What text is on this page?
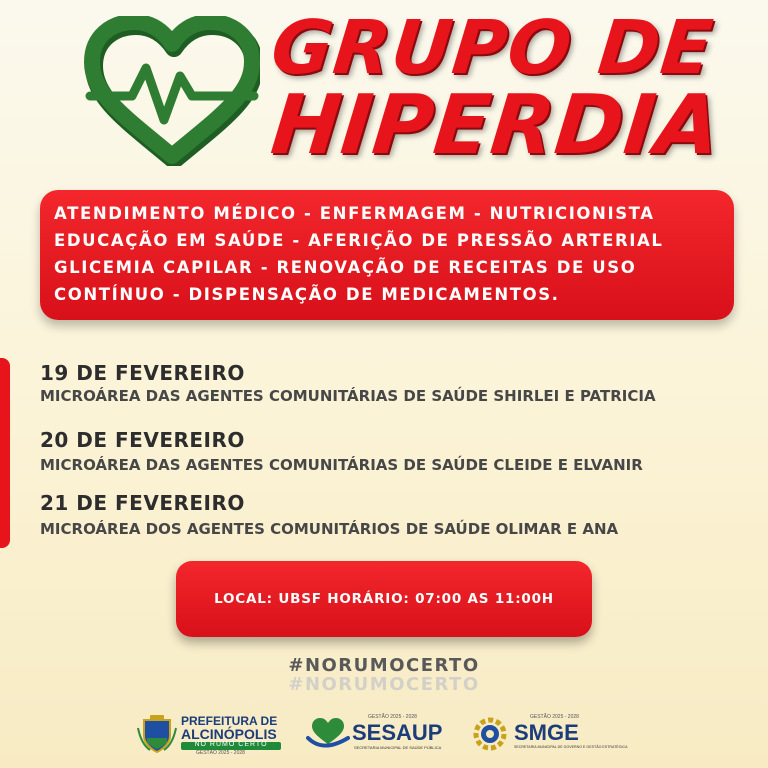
GRUPO DE
HIPERDIA
ATENDIMENTO MÉDICO - ENFERMAGEM - NUTRICIONISTA
EDUCAÇÃO EM SAÚDE - AFERIÇÃO DE PRESSÃO ARTERIAL
GLICEMIA CAPILAR - RENOVAÇÃO DE RECEITAS DE USO
CONTÍNUO - DISPENSAÇÃO DE MEDICAMENTOS.
19 DE FEVEREIRO
MICROÁREA DAS AGENTES COMUNITÁRIAS DE SAÚDE SHIRLEI E PATRICIA
20 DE FEVEREIRO
MICROÁREA DAS AGENTES COMUNITÁRIAS DE SAÚDE CLEIDE E ELVANIR
21 DE FEVEREIRO
MICROÁREA DOS AGENTES COMUNITÁRIOS DE SAÚDE OLIMAR E ANA
LOCAL: UBSF HORÁRIO: 07:00 AS 11:00H
#NORUMOCERTO
#NORUMOCERTO
PREFEITURA DE
ALCINÓPOLIS
NO RUMO CERTO
GESTÃO 2025 - 2028
GESTÃO 2025 - 2028
SESAUP
SECRETARIA MUNICIPAL DE SAÚDE PÚBLICA
GESTÃO 2025 - 2028
SMGE
SECRETARIA MUNICIPAL DE GOVERNO E GESTÃO ESTRATÉGICA
